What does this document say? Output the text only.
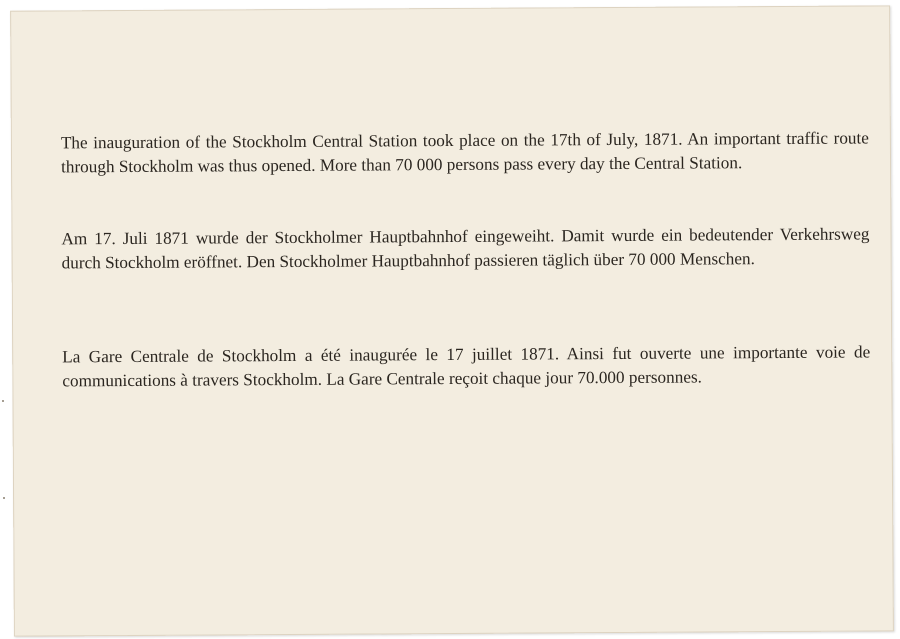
The inauguration of the Stockholm Central Station took place on the 17th of July, 1871. An important traffic route through Stockholm was thus opened. More than 70 000 persons pass every day the Central Station.

Am 17. Juli 1871 wurde der Stockholmer Hauptbahnhof eingeweiht. Damit wurde ein bedeutender Verkehrsweg durch Stockholm eröffnet. Den Stockholmer Hauptbahnhof passieren täglich über 70 000 Menschen.

La Gare Centrale de Stockholm a été inaugurée le 17 juillet 1871. Ainsi fut ouverte une importante voie de communications à travers Stockholm. La Gare Centrale reçoit chaque jour 70.000 personnes.
